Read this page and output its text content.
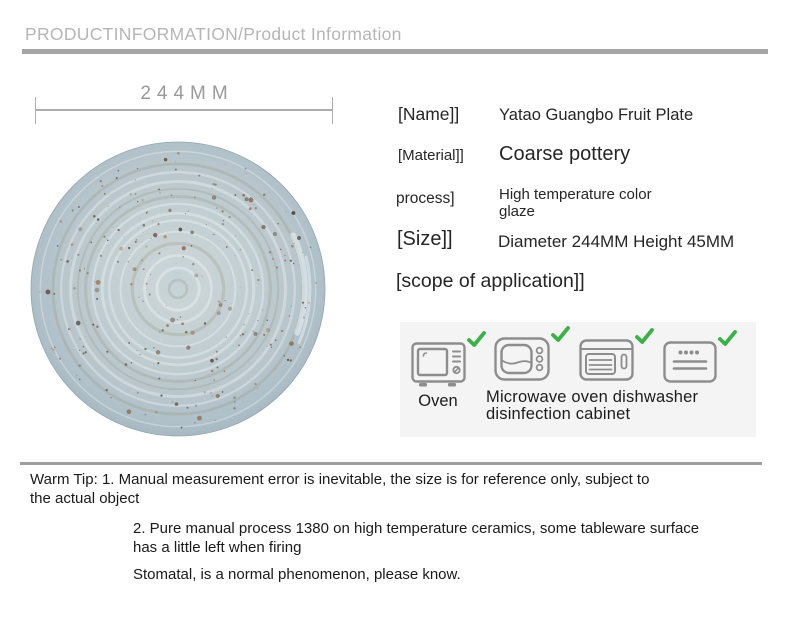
PRODUCTINFORMATION/Product Information
244MM
[Name]] Yatao Guangbo Fruit Plate
[Material]] Coarse pottery
process]	High temperature color glaze
[Size]]	Diameter 244MM Height 45MM
[scope of application]]
Oven	Microwave oven dishwasher disinfection cabinet
Warm Tip: 1. Manual measurement error is inevitable, the size is for reference only, subject to
the actual object
2. Pure manual process 1380 on high temperature ceramics, some tableware surface
has a little left when firing
Stomatal, is a normal phenomenon, please know.
